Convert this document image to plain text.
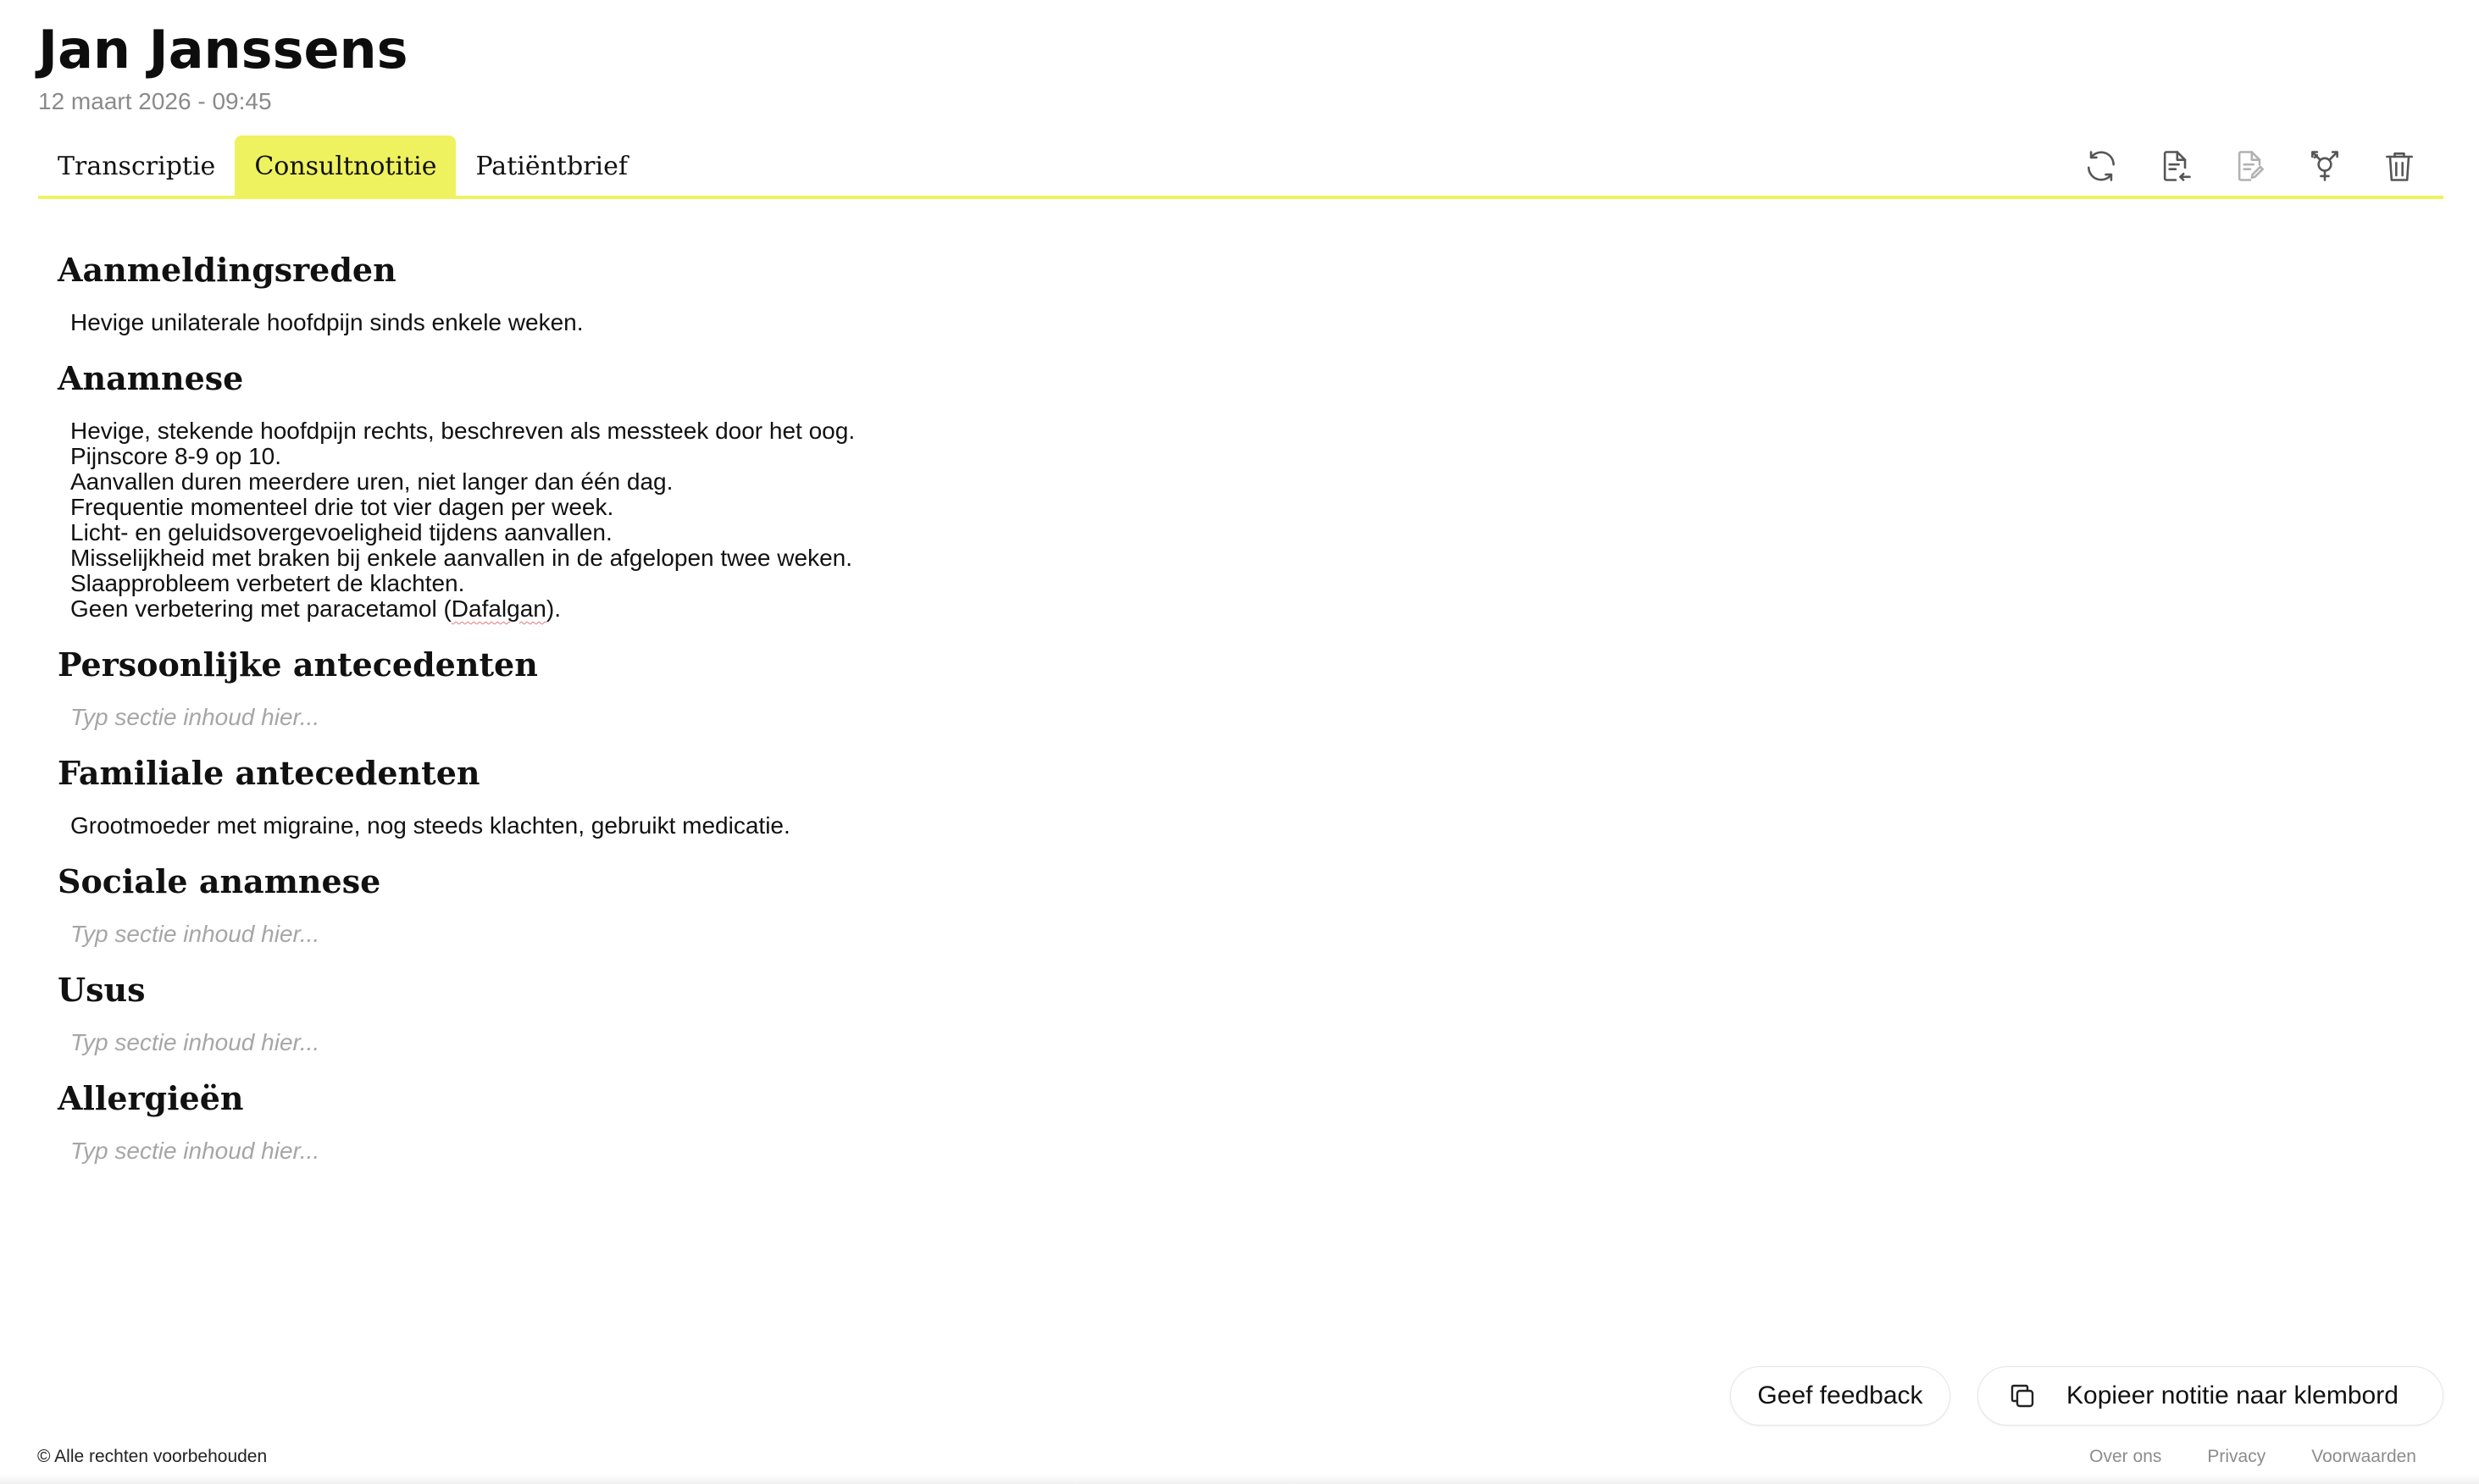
Jan Janssens
12 maart 2026 - 09:45
Transcriptie	Consultnotitie	Patiëntbrief
Aanmeldingsreden
Hevige unilaterale hoofdpijn sinds enkele weken.
Anamnese
Hevige, stekende hoofdpijn rechts, beschreven als messteek door het oog.
Pijnscore 8-9 op 10.
Aanvallen duren meerdere uren, niet langer dan één dag.
Frequentie momenteel drie tot vier dagen per week.
Licht- en geluidsovergevoeligheid tijdens aanvallen.
Misselijkheid met braken bij enkele aanvallen in de afgelopen twee weken.
Slaapprobleem verbetert de klachten.
Geen verbetering met paracetamol (Dafalgan).
Persoonlijke antecedenten
Typ sectie inhoud hier...
Familiale antecedenten
Grootmoeder met migraine, nog steeds klachten, gebruikt medicatie.
Sociale anamnese
Typ sectie inhoud hier...
Usus
Typ sectie inhoud hier...
Allergieën
Typ sectie inhoud hier...
Geef feedback	Kopieer notitie naar klembord
© Alle rechten voorbehouden	Over ons	Privacy	Voorwaarden
